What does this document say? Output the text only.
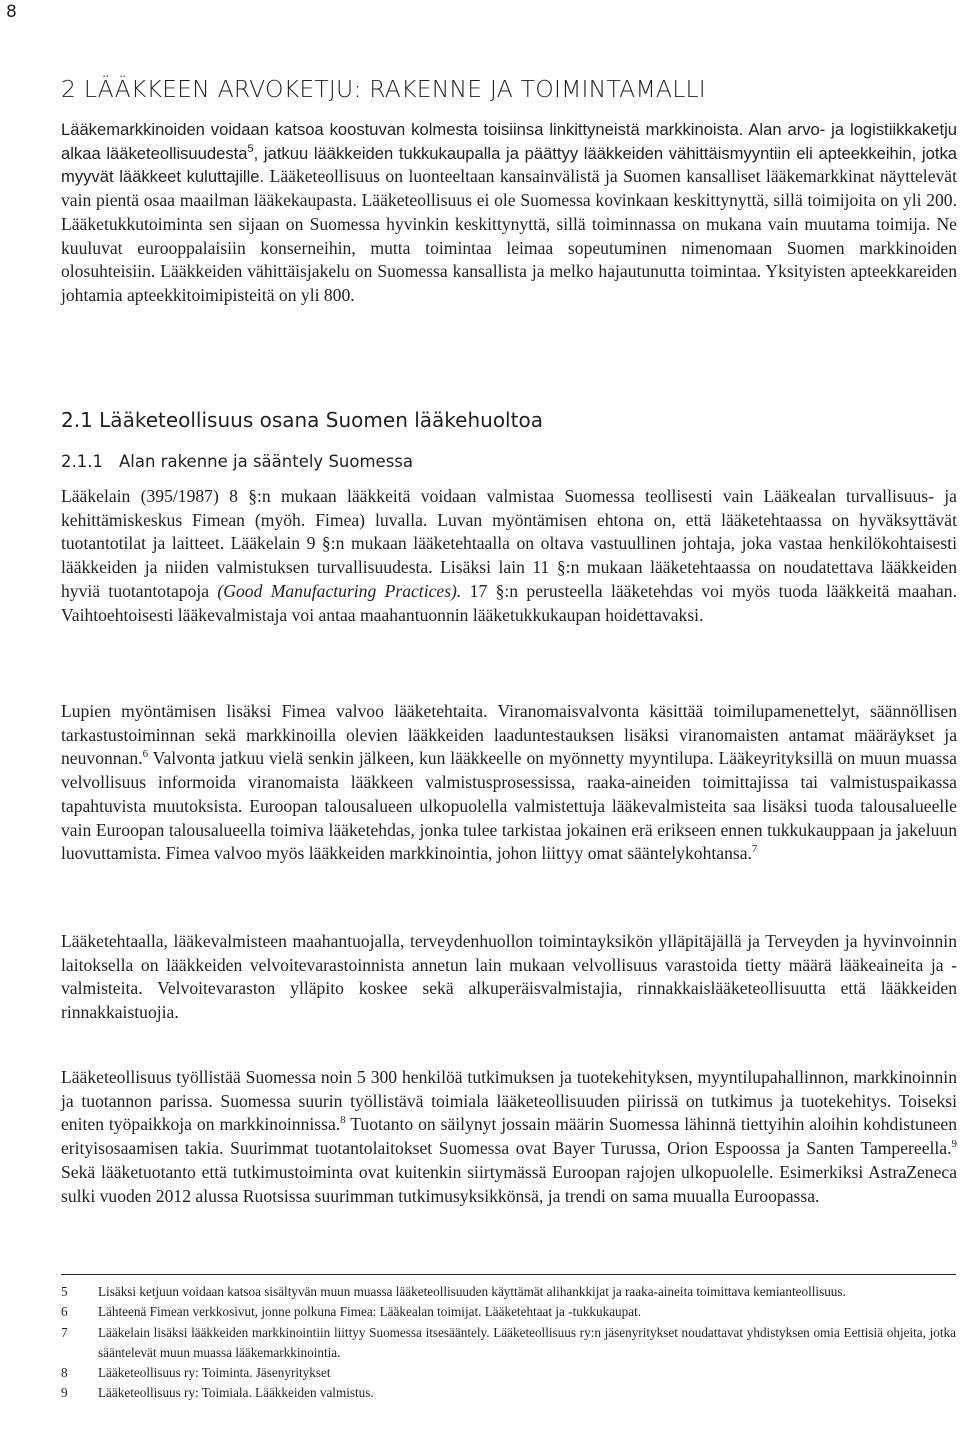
8
2 LÄÄKKEEN ARVOKETJU: RAKENNE JA TOIMINTAMALLI

Lääkemarkkinoiden voidaan katsoa koostuvan kolmesta toisiinsa linkittyneistä markkinoista. Alan arvo- ja logistiikkaketju alkaa lääketeollisuudesta$^5$, jatkuu lääkkeiden tukkukaupalla ja päättyy lääkkeiden vähittäismyyntiin eli apteekkeihin, jotka myyvät lääkkeet kuluttajille. Lääketeollisuus on luonteeltaan kansainvälistä ja Suomen kansalliset lääkemarkkinat näyttelevät vain pientä osaa maailman lääkekaupasta. Lääketeollisuus ei ole Suomessa kovinkaan keskittynyttä, sillä toimijoita on yli 200. Lääketukkutoiminta sen sijaan on Suomessa hyvinkin keskittynyttä, sillä toiminnassa on mukana vain muutama toimija. Ne kuuluvat eurooppalaisiin konserneihin, mutta toimintaa leimaa sopeutuminen nimenomaan Suomen markkinoiden olosuhteisiin. Lääkkeiden vähittäisjakelu on Suomessa kansallista ja melko hajautunutta toimintaa. Yksityisten apteekkareiden johtamia apteekkitoimipisteitä on yli 800.

2.1 Lääketeollisuus osana Suomen lääkehuoltoa
2.1.1 Alan rakenne ja sääntely Suomessa

Lääkelain (395/1987) 8 §:n mukaan lääkkeitä voidaan valmistaa Suomessa teollisesti vain Lääkealan turvallisuus- ja kehittämiskeskus Fimean (myöh. Fimea) luvalla. Luvan myöntämisen ehtona on, että lääketehtaassa on hyväksyttävät tuotantotilat ja laitteet. Lääkelain 9 §:n mukaan lääketehtaalla on oltava vastuullinen johtaja, joka vastaa henkilökohtaisesti lääkkeiden ja niiden valmistuksen turvallisuudesta. Lisäksi lain 11 §:n mukaan lääketehtaassa on noudatettava lääkkeiden hyviä tuotantotapoja (Good Manufacturing Practices). 17 §:n perusteella lääketehdas voi myös tuoda lääkkeitä maahan. Vaihtoehtoisesti lääkevalmistaja voi antaa maahantuonnin lääketukkukaupan hoidettavaksi.

Lupien myöntämisen lisäksi Fimea valvoo lääketehtaita. Viranomaisvalvonta käsittää toimilupamenettelyt, säännöllisen tarkastustoiminnan sekä markkinoilla olevien lääkkeiden laaduntestauksen lisäksi viranomaisten antamat määräykset ja neuvonnan.$^6$ Valvonta jatkuu vielä senkin jälkeen, kun lääkkeelle on myönnetty myyntilupa. Lääkeyrityksillä on muun muassa velvollisuus informoida viranomaista lääkkeen valmistusprosessissa, raaka-aineiden toimittajissa tai valmistuspaikassa tapahtuvista muutoksista. Euroopan talousalueen ulkopuolella valmistettuja lääkevalmisteita saa lisäksi tuoda talousalueelle vain Euroopan talousalueella toimiva lääketehdas, jonka tulee tarkistaa jokainen erä erikseen ennen tukkukauppaan ja jakeluun luovuttamista. Fimea valvoo myös lääkkeiden markkinointia, johon liittyy omat sääntelykohtansa.$^7$

Lääketehtaalla, lääkevalmisteen maahantuojalla, terveydenhuollon toimintayksikön ylläpitäjällä ja Terveyden ja hyvinvoinnin laitoksella on lääkkeiden velvoitevarastoinnista annetun lain mukaan velvollisuus varastoida tietty määrä lääkeaineita ja -valmisteita. Velvoitevaraston ylläpito koskee sekä alkuperäisvalmistajia, rinnakkaislääketeollisuutta että lääkkeiden rinnakkaistuojia.

Lääketeollisuus työllistää Suomessa noin 5 300 henkilöä tutkimuksen ja tuotekehityksen, myyntilupahallinnon, markkinoinnin ja tuotannon parissa. Suomessa suurin työllistävä toimiala lääketeollisuuden piirissä on tutkimus ja tuotekehitys. Toiseksi eniten työpaikkoja on markkinoinnissa.$^8$ Tuotanto on säilynyt jossain määrin Suomessa lähinnä tiettyihin aloihin kohdistuneen erityisosaamisen takia. Suurimmat tuotantolaitokset Suomessa ovat Bayer Turussa, Orion Espoossa ja Santen Tampereella.$^9$ Sekä lääketuotanto että tutkimustoiminta ovat kuitenkin siirtymässä Euroopan rajojen ulkopuolelle. Esimerkiksi AstraZeneca sulki vuoden 2012 alussa Ruotsissa suurimman tutkimusyksikkönsä, ja trendi on sama muualla Euroopassa.

5	Lisäksi ketjuun voidaan katsoa sisältyvän muun muassa lääketeollisuuden käyttämät alihankkijat ja raaka-aineita toimittava kemianteollisuus.
6	Lähteenä Fimean verkkosivut, jonne polkuna Fimea: Lääkealan toimijat. Lääketehtaat ja -tukkukaupat.
7	Lääkelain lisäksi lääkkeiden markkinointiin liittyy Suomessa itsesääntely. Lääketeollisuus ry:n jäsenyritykset noudattavat yhdistyksen omia Eettisiä ohjeita, jotka sääntelevät muun muassa lääkemarkkinointia.
8	Lääketeollisuus ry: Toiminta. Jäsenyritykset
9	Lääketeollisuus ry: Toimiala. Lääkkeiden valmistus.
